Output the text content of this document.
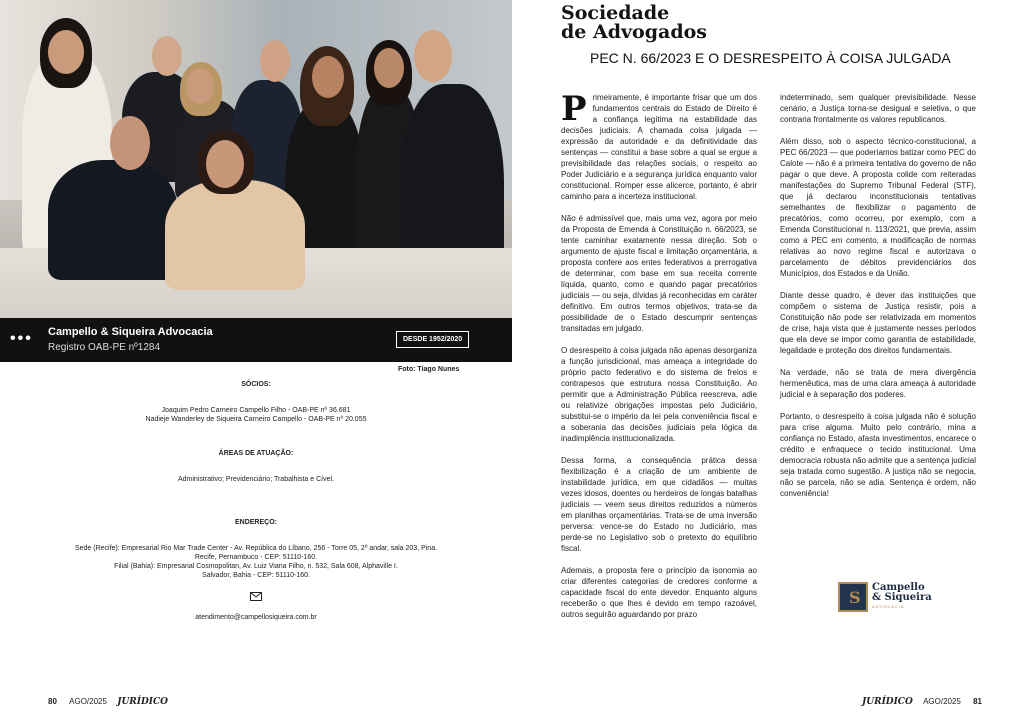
••• Campello & Siqueira Advocacia
Registro OAB-PE nº1284
DESDE 1952/2020
Foto: Tiago Nunes
SÓCIOS:
Joaquim Pedro Carneiro Campello Filho - OAB-PE nº 36.681
Nadieje Wanderley de Siqueira Carneiro Campello - OAB-PE nº 20.055
ÁREAS DE ATUAÇÃO:
Administrativo; Previdenciário; Trabalhista e Cível.
ENDEREÇO:
Sede (Recife): Empresarial Rio Mar Trade Center - Av. República do Líbano, 256 - Torre 05, 2º andar, sala 203, Pina.
Recife, Pernambuco - CEP: 51110-160.
Filial (Bahia): Empresarial Cosmopolitan, Av. Luiz Viana Filho, n. 532, Sala 608, Alphaville I.
Salvador, Bahia - CEP: 51110-160.
atendimento@campellosiqueira.com.br
80 AGO/2025 JURÍDICO
Sociedade
de Advogados
PEC N. 66/2023 E O DESRESPEITO À COISA JULGADA

Primeiramente, é importante frisar que um dos fundamentos centrais do Estado de Direito é a confiança legítima na estabilidade das decisões judiciais. A chamada coisa julgada — expressão da autoridade e da definitividade das sentenças — constitui a base sobre a qual se ergue a previsibilidade das relações sociais, o respeito ao Poder Judiciário e a segurança jurídica enquanto valor constitucional. Romper esse alicerce, portanto, é abrir caminho para a incerteza institucional.

Não é admissível que, mais uma vez, agora por meio da Proposta de Emenda à Constituição n. 66/2023, se tente caminhar exatamente nessa direção. Sob o argumento de ajuste fiscal e limitação orçamentária, a proposta confere aos entes federativos a prerrogativa de determinar, com base em sua receita corrente líquida, quanto, como e quando pagar precatórios judiciais — ou seja, dívidas já reconhecidas em caráter definitivo. Em outros termos objetivos, trata-se da possibilidade de o Estado descumprir sentenças transitadas em julgado.

O desrespeito à coisa julgada não apenas desorganiza a função jurisdicional, mas ameaça a integridade do próprio pacto federativo e do sistema de freios e contrapesos que estrutura nossa Constituição. Ao permitir que a Administração Pública reescreva, adie ou relativize obrigações impostas pelo Judiciário, substitui-se o império da lei pela conveniência fiscal e a soberania das decisões judiciais pela lógica da inadimplência institucionalizada.

Dessa forma, a consequência prática dessa flexibilização é a criação de um ambiente de instabilidade jurídica, em que cidadãos — muitas vezes idosos, doentes ou herdeiros de longas batalhas judiciais — veem seus direitos reduzidos a números em planilhas orçamentárias. Trata-se de uma inversão perversa: vence-se do Estado no Judiciário, mas perde-se no Legislativo sob o pretexto do equilíbrio fiscal.

Ademais, a proposta fere o princípio da isonomia ao criar diferentes categorias de credores conforme a capacidade fiscal do ente devedor. Enquanto alguns receberão o que lhes é devido em tempo razoável, outros seguirão aguardando por prazo

indeterminado, sem qualquer previsibilidade. Nesse cenário, a Justiça torna-se desigual e seletiva, o que contraria frontalmente os valores republicanos.

Além disso, sob o aspecto técnico-constitucional, a PEC 66/2023 — que poderíamos batizar como PEC do Calote — não é a primeira tentativa do governo de não pagar o que deve. A proposta colide com reiteradas manifestações do Supremo Tribunal Federal (STF), que já declarou inconstitucionais tentativas semelhantes de flexibilizar o pagamento de precatórios, como ocorreu, por exemplo, com a Emenda Constitucional n. 113/2021, que previa, assim como a PEC em comento, a modificação de normas relativas ao novo regime fiscal e autorizava o parcelamento de débitos previdenciários dos Municípios, dos Estados e da União.

Diante desse quadro, é dever das instituições que compõem o sistema de Justiça resistir, pois a Constituição não pode ser relativizada em momentos de crise, haja vista que é justamente nesses períodos que ela deve se impor como garantia de estabilidade, legalidade e proteção dos direitos fundamentais.

Na verdade, não se trata de mera divergência hermenêutica, mas de uma clara ameaça à autoridade judicial e à separação dos poderes.

Portanto, o desrespeito à coisa julgada não é solução para crise alguma. Muito pelo contrário, mina a confiança no Estado, afasta investimentos, encarece o crédito e enfraquece o tecido institucional. Uma democracia robusta não admite que a sentença judicial seja tratada como sugestão. A justiça não se negocia, não se parcela, não se adia. Sentença é ordem, não conveniência!

S
Campello
& Siqueira
ADVOCACIA
JURÍDICO AGO/2025 81
